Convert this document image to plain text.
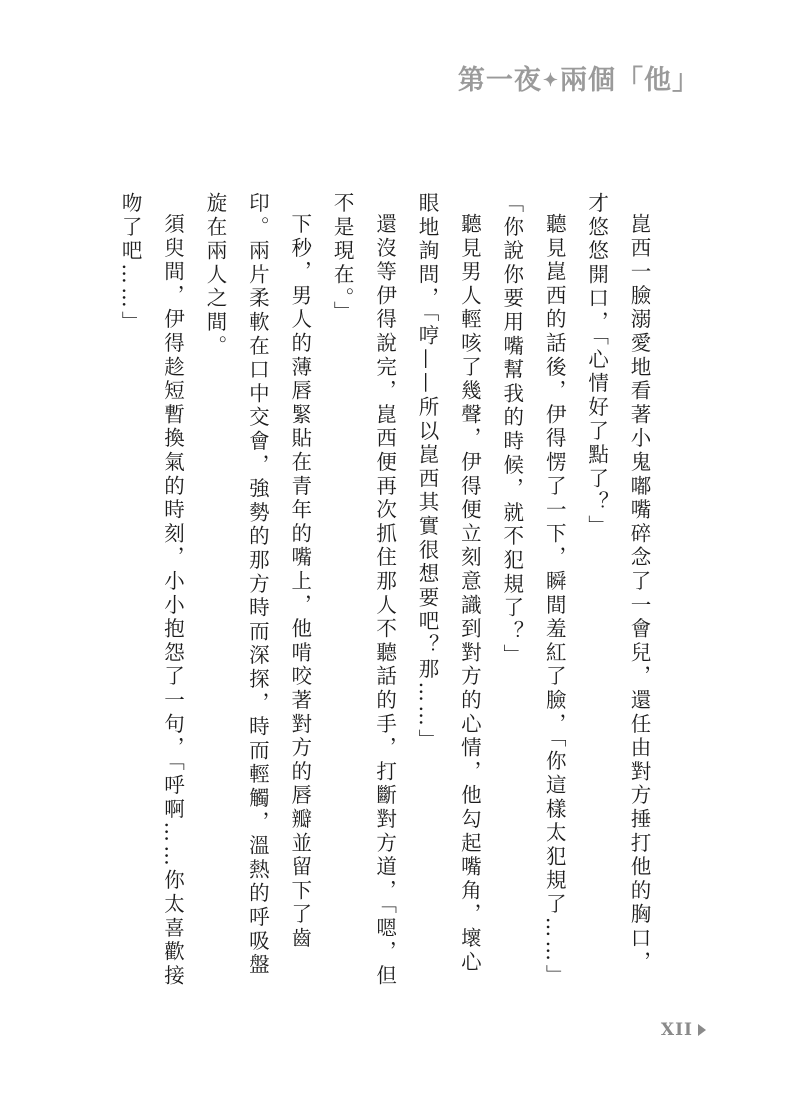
第一夜✦兩個「他」

崑西一臉溺愛地看著小鬼嘟嘴碎念了一會兒，還任由對方捶打他的胸口，才悠悠開口，「心情好了點了？」

聽見崑西的話後，伊得愣了一下，瞬間羞紅了臉，「你這樣太犯規了……」

「你說你要用嘴幫我的時候，就不犯規了？」

聽見男人輕咳了幾聲，伊得便立刻意識到對方的心情，他勾起嘴角，壞心眼地詢問，「哼——所以崑西其實很想要吧？那……」

還沒等伊得說完，崑西便再次抓住那人不聽話的手，打斷對方道，「嗯，但不是現在。」

下秒，男人的薄唇緊貼在青年的嘴上，他啃咬著對方的唇瓣並留下了齒印。兩片柔軟在口中交會，強勢的那方時而深探，時而輕觸，溫熱的呼吸盤旋在兩人之間。

須臾間，伊得趁短暫換氣的時刻，小小抱怨了一句，「呼啊……你太喜歡接吻了吧……」

XII
